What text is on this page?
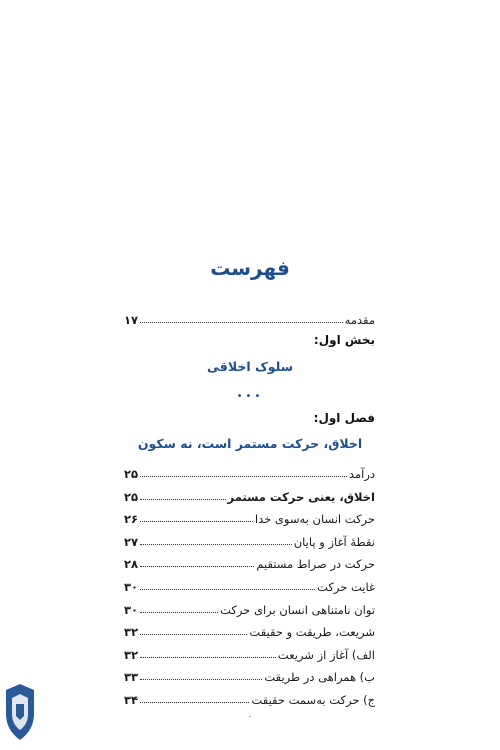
فهرست
مقدمه
۱۷
بخش اول:
سلوک اخلاقی
•••
فصل اول:
اخلاق، حرکت مستمر است، نه سکون
درآمد
۲۵
اخلاق، یعنی حرکت مستمر
۲۵
حرکت انسان به‌سوی خدا
۲۶
نقطهٔ آغاز و پایان
۲۷
حرکت در صراط مستقیم
۲۸
غایت حرکت
۳۰
توان نامتناهی انسان برای حرکت
۳۰
شریعت، طریقت و حقیقت
۳۲
الف) آغاز از شریعت
۳۲
ب) همراهی در طریقت
۳۳
ج) حرکت به‌سمت حقیقت
۳۴
۰
